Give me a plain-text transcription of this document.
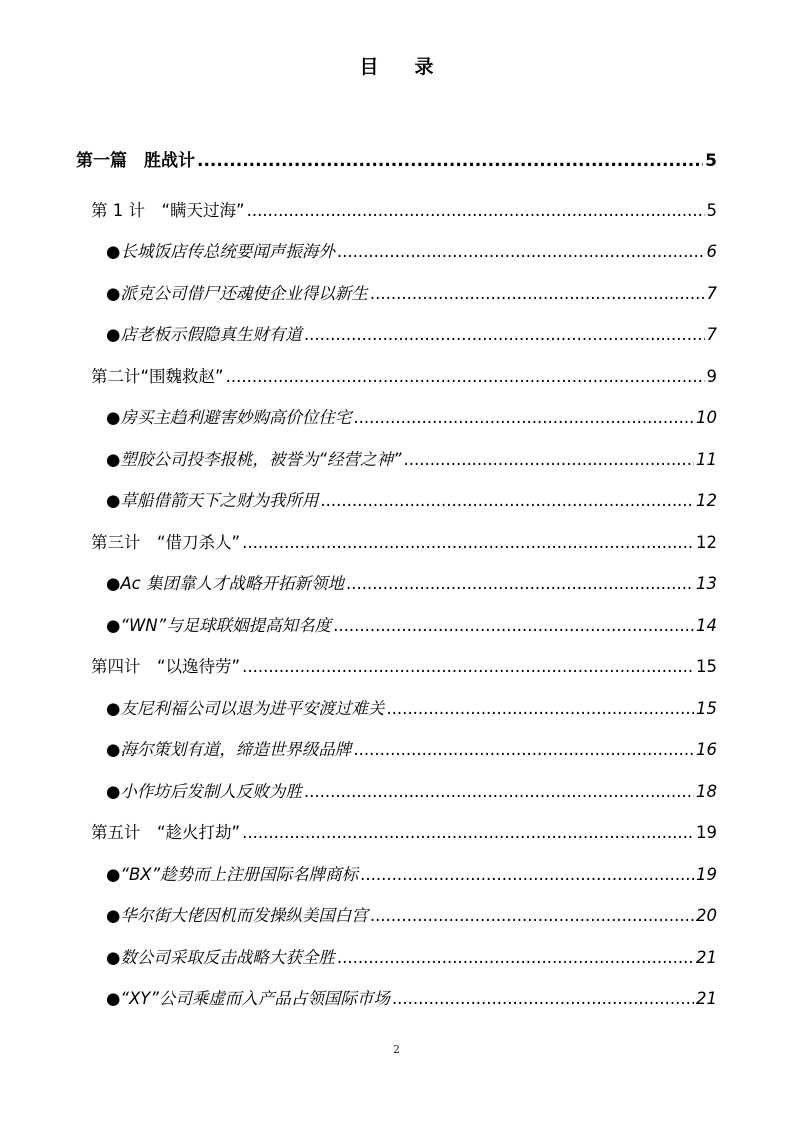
目 录
第一篇　胜战计 .....	5
第 1 计　“瞒天过海” .....	5
●长城饭店传总统要闻声振海外 .....	6
●派克公司借尸还魂使企业得以新生 .....	7
●店老板示假隐真生财有道 .....	7
第二计“围魏救赵” .....	9
●房买主趋利避害妙购高价位住宅 .....	10
●塑胶公司投李报桃，被誉为“经营之神” .....	11
●草船借箭天下之财为我所用 .....	12
第三计　“借刀杀人” .....	12
●Ac 集团靠人才战略开拓新领地 .....	13
●“WN”与足球联姻提高知名度 .....	14
第四计　“以逸待劳” .....	15
●友尼利福公司以退为进平安渡过难关 .....	15
●海尔策划有道，缔造世界级品牌 .....	16
●小作坊后发制人反败为胜 .....	18
第五计　“趁火打劫” .....	19
●“BX”趁势而上注册国际名牌商标 .....	19
●华尔街大佬因机而发操纵美国白宫 .....	20
●数公司采取反击战略大获全胜 .....	21
●“XY”公司乘虚而入产品占领国际市场 .....	21
2
